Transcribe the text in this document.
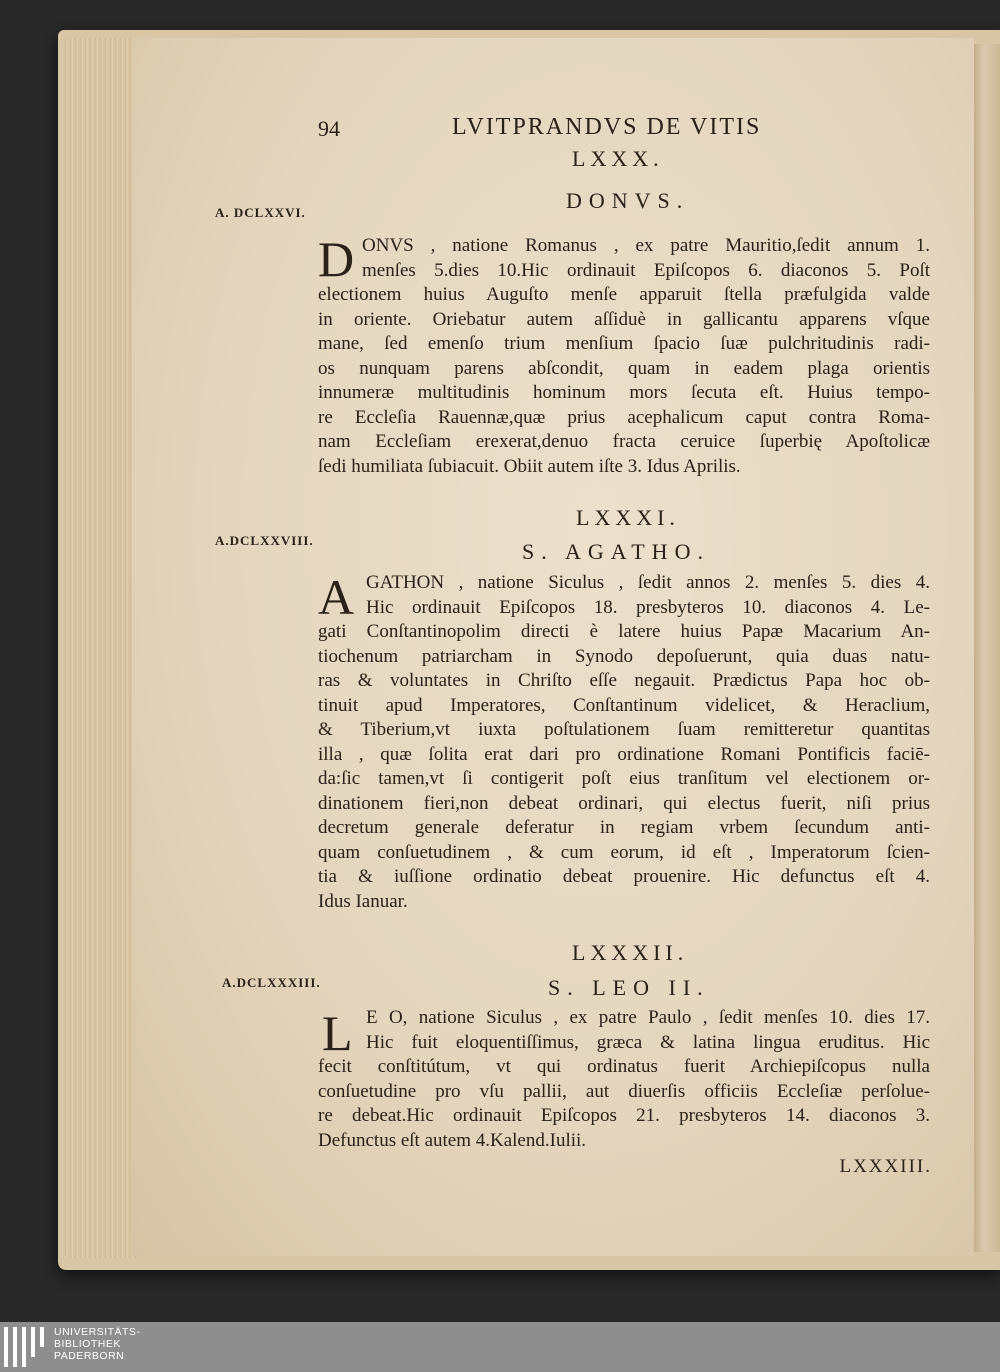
94	LVITPRANDVS DE VITIS
LXXX.
DONVS.
A. DCLXXVI.
D ONVS , natione Romanus , ex patre Mauritio,ſedit annum 1.
menſes 5.dies 10.Hic ordinauit Epiſcopos 6. diaconos 5. Poſt
electionem huius Auguſto menſe apparuit ſtella præfulgida valde
in oriente. Oriebatur autem aſſiduè in gallicantu apparens vſque
mane, ſed emenſo trium menſium ſpacio ſuæ pulchritudinis radi-
os nunquam parens abſcondit, quam in eadem plaga orientis
innumeræ multitudinis hominum mors ſecuta eſt. Huius tempo-
re Eccleſia Rauennæ,quæ prius acephalicum caput contra Roma-
nam Eccleſiam erexerat,denuo fracta ceruice ſuperbię Apoſtolicæ
ſedi humiliata ſubiacuit. Obiit autem iſte 3. Idus Aprilis.
LXXXI.
S. AGATHO.
A.DCLXXVIII.
A GATHON , natione Siculus , ſedit annos 2. menſes 5. dies 4.
Hic ordinauit Epiſcopos 18. presbyteros 10. diaconos 4. Le-
gati Conſtantinopolim directi è latere huius Papæ Macarium An-
tiochenum patriarcham in Synodo depoſuerunt, quia duas natu-
ras & voluntates in Chriſto eſſe negauit. Prædictus Papa hoc ob-
tinuit apud Imperatores, Conſtantinum videlicet, & Heraclium,
& Tiberium,vt iuxta poſtulationem ſuam remitteretur quantitas
illa , quæ ſolita erat dari pro ordinatione Romani Pontificis faciē-
da:ſic tamen,vt ſi contigerit poſt eius tranſitum vel electionem or-
dinationem fieri,non debeat ordinari, qui electus fuerit, niſi prius
decretum generale deferatur in regiam vrbem ſecundum anti-
quam conſuetudinem , & cum eorum, id eſt , Imperatorum ſcien-
tia & iuſſione ordinatio debeat prouenire. Hic defunctus eſt 4.
Idus Ianuar.
LXXXII.
S. LEO II.
A.DCLXXXIII.
L E O, natione Siculus , ex patre Paulo , ſedit menſes 10. dies 17.
Hic fuit eloquentiſſimus, græca & latina lingua eruditus. Hic
fecit conſtitútum, vt qui ordinatus fuerit Archiepiſcopus nulla
conſuetudine pro vſu pallii, aut diuerſis officiis Eccleſiæ perſolue-
re debeat.Hic ordinauit Epiſcopos 21. presbyteros 14. diaconos 3.
Defunctus eſt autem 4.Kalend.Iulii.
LXXXIII.
UNIVERSITÄTS-
BIBLIOTHEK
PADERBORN
